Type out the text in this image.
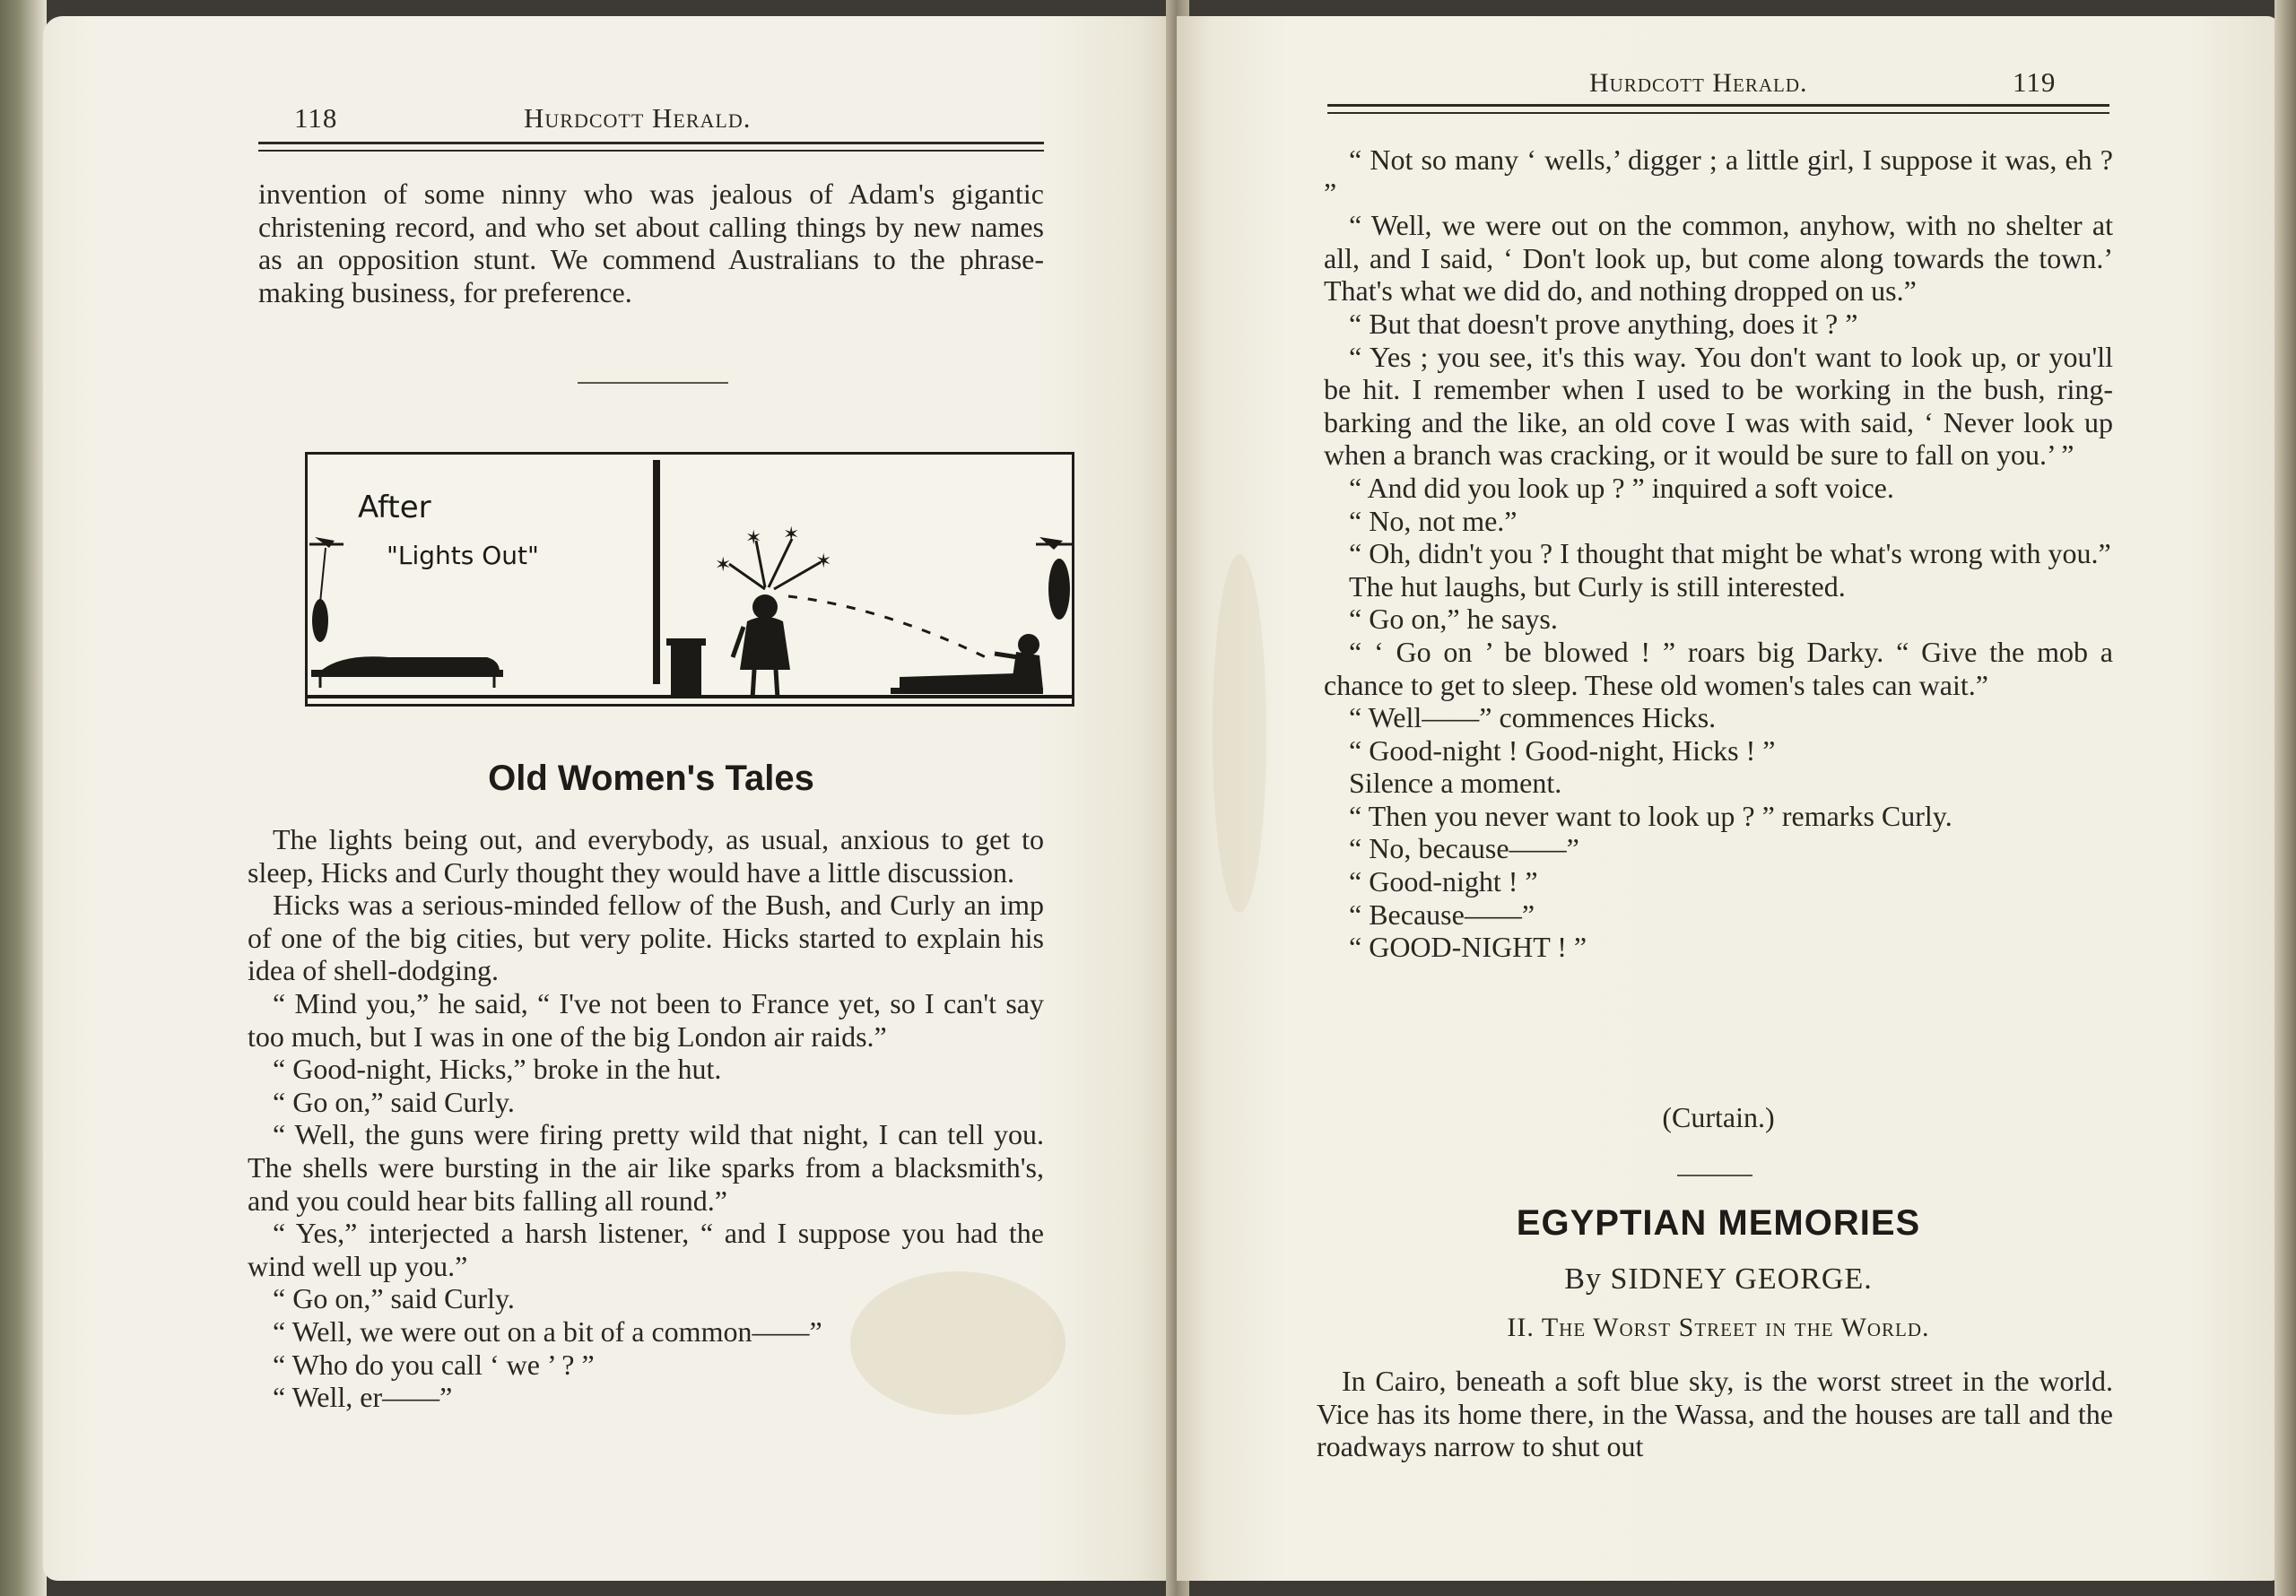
118	Hurdcott Herald.

invention of some ninny who was jealous of Adam's gigantic christening record, and who set about calling things by new names as an opposition stunt. We commend Australians to the phrase-making business, for preference.

After
"Lights Out"	✶
✶ ✶
✶
Old Women's Tales

The lights being out, and everybody, as usual, anxious to get to sleep, Hicks and Curly thought they would have a little discussion.

Hicks was a serious-minded fellow of the Bush, and Curly an imp of one of the big cities, but very polite. Hicks started to explain his idea of shell-dodging.

“ Mind you,” he said, “ I've not been to France yet, so I can't say too much, but I was in one of the big London air raids.”

“ Good-night, Hicks,” broke in the hut.

“ Go on,” said Curly.

“ Well, the guns were firing pretty wild that night, I can tell you. The shells were bursting in the air like sparks from a blacksmith's, and you could hear bits falling all round.”

“ Yes,” interjected a harsh listener, “ and I suppose you had the wind well up you.”

“ Go on,” said Curly.

“ Well, we were out on a bit of a common——”

“ Who do you call ‘ we ’ ? ”

“ Well, er——”

Hurdcott Herald.	119

“ Not so many ‘ wells,’ digger ; a little girl, I suppose it was, eh ? ”

“ Well, we were out on the common, anyhow, with no shelter at all, and I said, ‘ Don't look up, but come along towards the town.’ That's what we did do, and nothing dropped on us.”

“ But that doesn't prove anything, does it ? ”

“ Yes ; you see, it's this way. You don't want to look up, or you'll be hit. I remember when I used to be working in the bush, ring-barking and the like, an old cove I was with said, ‘ Never look up when a branch was cracking, or it would be sure to fall on you.’ ”

“ And did you look up ? ” inquired a soft voice.

“ No, not me.”

“ Oh, didn't you ? I thought that might be what's wrong with you.”

The hut laughs, but Curly is still interested.

“ Go on,” he says.

“ ‘ Go on ’ be blowed ! ” roars big Darky. “ Give the mob a chance to get to sleep. These old women's tales can wait.”

“ Well——” commences Hicks.

“ Good-night ! Good-night, Hicks ! ”

Silence a moment.

“ Then you never want to look up ? ” remarks Curly.

“ No, because——”

“ Good-night ! ”

“ Because——”

“ GOOD-NIGHT ! ”

(Curtain.)
EGYPTIAN MEMORIES
By SIDNEY GEORGE.
II. The Worst Street in the World.

In Cairo, beneath a soft blue sky, is the worst street in the world. Vice has its home there, in the Wassa, and the houses are tall and the roadways narrow to shut out
